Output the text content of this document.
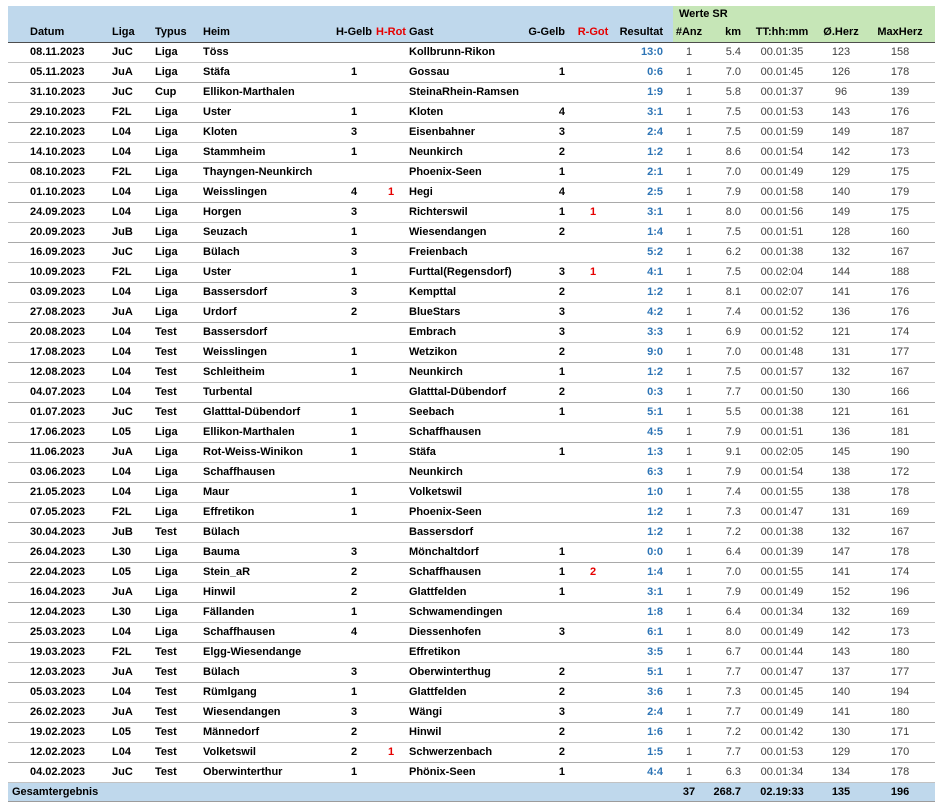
										Werte SR				
Datum	Liga	Typus	Heim	H-Gelb	H-Rot	Gast	G-Gelb	R-Got	Resultat	#Anz	km	TT:hh:mm	Ø.Herz	MaxHerz
08.11.2023	JuC	Liga	Töss			Kollbrunn-Rikon			13:0	1	5.4	00.01:35	123	158
05.11.2023	JuA	Liga	Stäfa	1		Gossau	1		0:6	1	7.0	00.01:45	126	178
31.10.2023	JuC	Cup	Ellikon-Marthalen			SteinaRhein-Ramsen			1:9	1	5.8	00.01:37	96	139
29.10.2023	F2L	Liga	Uster	1		Kloten	4		3:1	1	7.5	00.01:53	143	176
22.10.2023	L04	Liga	Kloten	3		Eisenbahner	3		2:4	1	7.5	00.01:59	149	187
14.10.2023	L04	Liga	Stammheim	1		Neunkirch	2		1:2	1	8.6	00.01:54	142	173
08.10.2023	F2L	Liga	Thayngen-Neunkirch			Phoenix-Seen	1		2:1	1	7.0	00.01:49	129	175
01.10.2023	L04	Liga	Weisslingen	4	1	Hegi	4		2:5	1	7.9	00.01:58	140	179
24.09.2023	L04	Liga	Horgen	3		Richterswil	1	1	3:1	1	8.0	00.01:56	149	175
20.09.2023	JuB	Liga	Seuzach	1		Wiesendangen	2		1:4	1	7.5	00.01:51	128	160
16.09.2023	JuC	Liga	Bülach	3		Freienbach			5:2	1	6.2	00.01:38	132	167
10.09.2023	F2L	Liga	Uster	1		Furttal(Regensdorf)	3	1	4:1	1	7.5	00.02:04	144	188
03.09.2023	L04	Liga	Bassersdorf	3		Kempttal	2		1:2	1	8.1	00.02:07	141	176
27.08.2023	JuA	Liga	Urdorf	2		BlueStars	3		4:2	1	7.4	00.01:52	136	176
20.08.2023	L04	Test	Bassersdorf			Embrach	3		3:3	1	6.9	00.01:52	121	174
17.08.2023	L04	Test	Weisslingen	1		Wetzikon	2		9:0	1	7.0	00.01:48	131	177
12.08.2023	L04	Test	Schleitheim	1		Neunkirch	1		1:2	1	7.5	00.01:57	132	167
04.07.2023	L04	Test	Turbental			Glatttal-Dübendorf	2		0:3	1	7.7	00.01:50	130	166
01.07.2023	JuC	Test	Glatttal-Dübendorf	1		Seebach	1		5:1	1	5.5	00.01:38	121	161
17.06.2023	L05	Liga	Ellikon-Marthalen	1		Schaffhausen			4:5	1	7.9	00.01:51	136	181
11.06.2023	JuA	Liga	Rot-Weiss-Winikon	1		Stäfa	1		1:3	1	9.1	00.02:05	145	190
03.06.2023	L04	Liga	Schaffhausen			Neunkirch			6:3	1	7.9	00.01:54	138	172
21.05.2023	L04	Liga	Maur	1		Volketswil			1:0	1	7.4	00.01:55	138	178
07.05.2023	F2L	Liga	Effretikon	1		Phoenix-Seen			1:2	1	7.3	00.01:47	131	169
30.04.2023	JuB	Test	Bülach			Bassersdorf			1:2	1	7.2	00.01:38	132	167
26.04.2023	L30	Liga	Bauma	3		Mönchaltdorf	1		0:0	1	6.4	00.01:39	147	178
22.04.2023	L05	Liga	Stein_aR	2		Schaffhausen	1	2	1:4	1	7.0	00.01:55	141	174
16.04.2023	JuA	Liga	Hinwil	2		Glattfelden	1		3:1	1	7.9	00.01:49	152	196
12.04.2023	L30	Liga	Fällanden	1		Schwamendingen			1:8	1	6.4	00.01:34	132	169
25.03.2023	L04	Liga	Schaffhausen	4		Diessenhofen	3		6:1	1	8.0	00.01:49	142	173
19.03.2023	F2L	Test	Elgg-Wiesendange			Effretikon			3:5	1	6.7	00.01:44	143	180
12.03.2023	JuA	Test	Bülach	3		Oberwinterthug	2		5:1	1	7.7	00.01:47	137	177
05.03.2023	L04	Test	Rümlgang	1		Glattfelden	2		3:6	1	7.3	00.01:45	140	194
26.02.2023	JuA	Test	Wiesendangen	3		Wängi	3		2:4	1	7.7	00.01:49	141	180
19.02.2023	L05	Test	Männedorf	2		Hinwil	2		1:6	1	7.2	00.01:42	130	171
12.02.2023	L04	Test	Volketswil	2	1	Schwerzenbach	2		1:5	1	7.7	00.01:53	129	170
04.02.2023	JuC	Test	Oberwinterthur	1		Phönix-Seen	1		4:4	1	6.3	00.01:34	134	178
Gesamtergebnis										37	268.7	02.19:33	135	196
